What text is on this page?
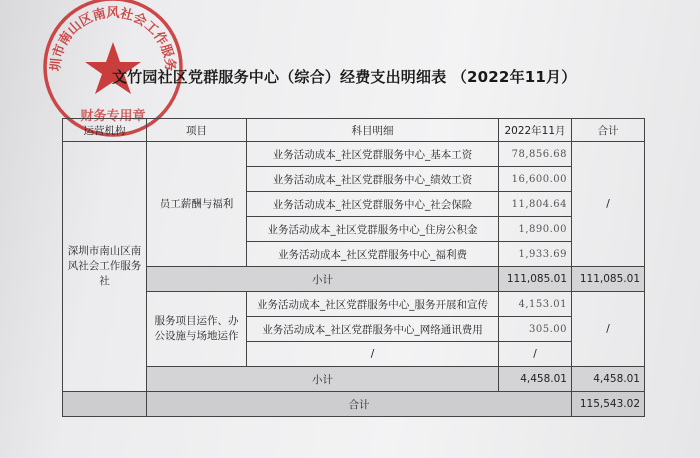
圳市南山区南风社会工作服务
财务专用章
文竹园社区党群服务中心（综合）经费支出明细表 （2022年11月）
运营机构	项目	科目明细	2022年11月	合计
深圳市南山区南风社会工作服务社	员工薪酬与福利	业务活动成本_社区党群服务中心_基本工资	78,856.68	/
		业务活动成本_社区党群服务中心_绩效工资	16,600.00	
		业务活动成本_社区党群服务中心_社会保险	11,804.64	
		业务活动成本_社区党群服务中心_住房公积金	1,890.00	
		业务活动成本_社区党群服务中心_福利费	1,933.69	
	小计		111,085.01	111,085.01
	服务项目运作、办公设施与场地运作	业务活动成本_社区党群服务中心_服务开展和宣传	4,153.01	/
		业务活动成本_社区党群服务中心_网络通讯费用	305.00	
		/	/	
	小计		4,458.01	4,458.01
	合计			115,543.02
